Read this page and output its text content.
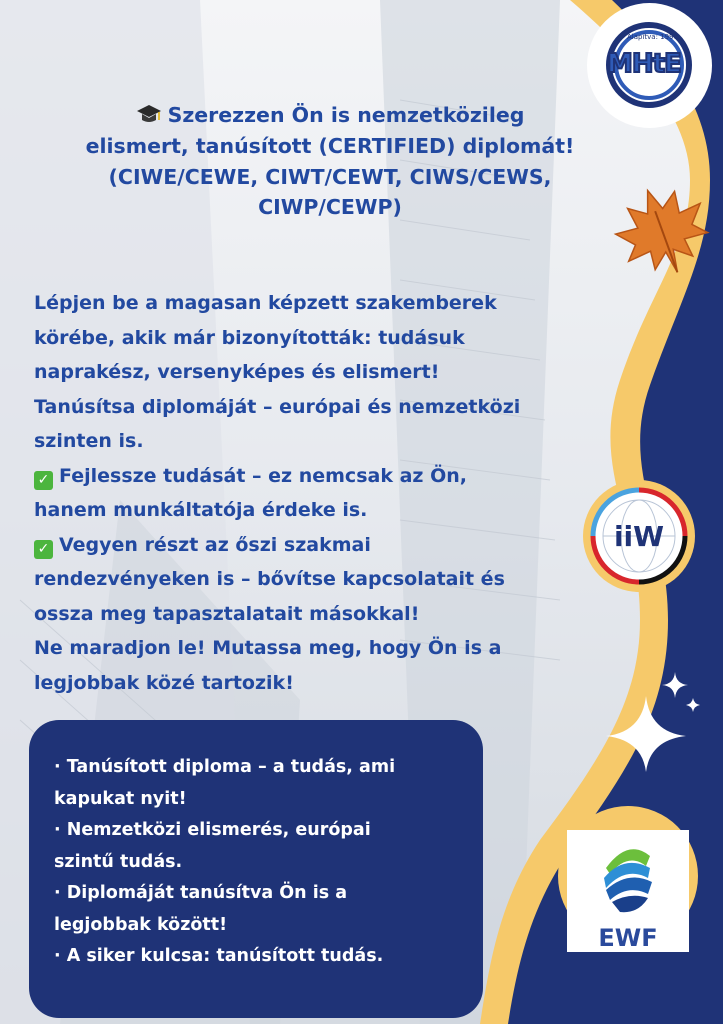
Alapítva: 1990.
MHtE
Szerezzen Ön is nemzetközileg
elismert, tanúsított (CERTIFIED) diplomát!
(CIWE/CEWE, CIWT/CEWT, CIWS/CEWS,
CIWP/CEWP)
Lépjen be a magasan képzett szakemberek
körébe, akik már bizonyították: tudásuk
naprakész, versenyképes és elismert!
Tanúsítsa diplomáját – európai és nemzetközi
szinten is.
✓ Fejlessze tudását – ez nemcsak az Ön,
hanem munkáltatója érdeke is.
✓ Vegyen részt az őszi szakmai
rendezvényeken is – bővítse kapcsolatait és
ossza meg tapasztalatait másokkal!
Ne maradjon le! Mutassa meg, hogy Ön is a
legjobbak közé tartozik!
iiW
EWF
· Tanúsított diploma – a tudás, ami
kapukat nyit!
· Nemzetközi elismerés, európai
szintű tudás.
· Diplomáját tanúsítva Ön is a
legjobbak között!
· A siker kulcsa: tanúsított tudás.
